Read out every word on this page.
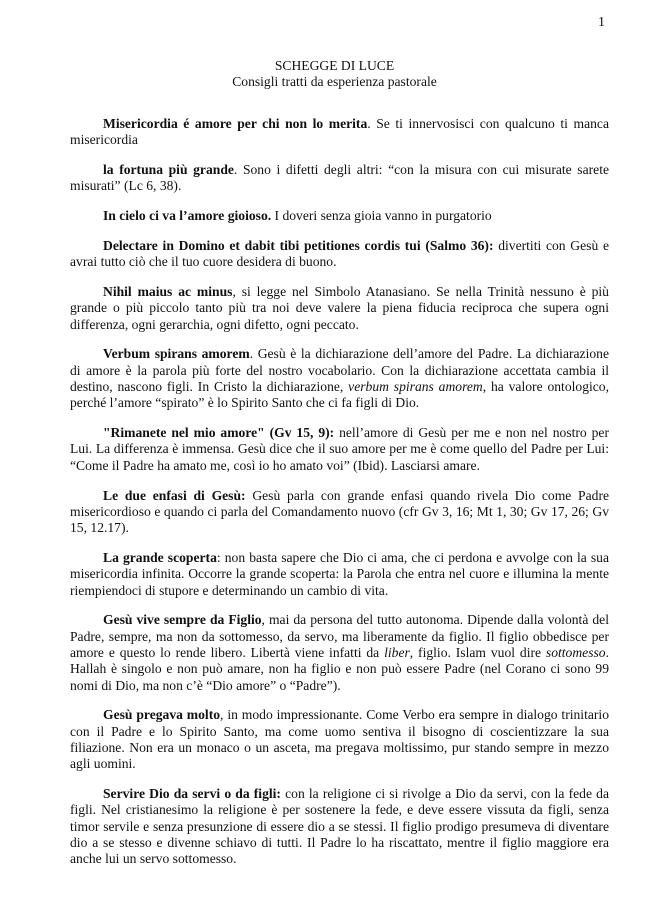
1
SCHEGGE DI LUCE
Consigli tratti da esperienza pastorale

Misericordia é amore per chi non lo merita. Se ti innervosisci con qualcuno ti manca misericordia

la fortuna più grande. Sono i difetti degli altri: “con la misura con cui misurate sarete misurati” (Lc 6, 38).

In cielo ci va l’amore gioioso. I doveri senza gioia vanno in purgatorio

Delectare in Domino et dabit tibi petitiones cordis tui (Salmo 36): divertiti con Gesù e avrai tutto ciò che il tuo cuore desidera di buono.

Nihil maius ac minus, si legge nel Simbolo Atanasiano. Se nella Trinità nessuno è più grande o più piccolo tanto più tra noi deve valere la piena fiducia reciproca che supera ogni differenza, ogni gerarchia, ogni difetto, ogni peccato.

Verbum spirans amorem. Gesù è la dichiarazione dell’amore del Padre. La dichiarazione di amore è la parola più forte del nostro vocabolario. Con la dichiarazione accettata cambia il destino, nascono figli. In Cristo la dichiarazione, verbum spirans amorem, ha valore ontologico, perché l’amore “spirato” è lo Spirito Santo che ci fa figli di Dio.

"Rimanete nel mio amore" (Gv 15, 9): nell’amore di Gesù per me e non nel nostro per Lui. La differenza è immensa. Gesù dice che il suo amore per me è come quello del Padre per Lui: “Come il Padre ha amato me, così io ho amato voi” (Ibid). Lasciarsi amare.

Le due enfasi di Gesù: Gesù parla con grande enfasi quando rivela Dio come Padre misericordioso e quando ci parla del Comandamento nuovo (cfr Gv 3, 16; Mt 1, 30; Gv 17, 26; Gv 15, 12.17).

La grande scoperta: non basta sapere che Dio ci ama, che ci perdona e avvolge con la sua misericordia infinita. Occorre la grande scoperta: la Parola che entra nel cuore e illumina la mente riempiendoci di stupore e determinando un cambio di vita.

Gesù vive sempre da Figlio, mai da persona del tutto autonoma. Dipende dalla volontà del Padre, sempre, ma non da sottomesso, da servo, ma liberamente da figlio. Il figlio obbedisce per amore e questo lo rende libero. Libertà viene infatti da liber, figlio. Islam vuol dire sottomesso. Hallah è singolo e non può amare, non ha figlio e non può essere Padre (nel Corano ci sono 99 nomi di Dio, ma non c’è “Dio amore” o “Padre”).

Gesù pregava molto, in modo impressionante. Come Verbo era sempre in dialogo trinitario con il Padre e lo Spirito Santo, ma come uomo sentiva il bisogno di coscientizzare la sua filiazione. Non era un monaco o un asceta, ma pregava moltissimo, pur stando sempre in mezzo agli uomini.

Servire Dio da servi o da figli: con la religione ci si rivolge a Dio da servi, con la fede da figli. Nel cristianesimo la religione è per sostenere la fede, e deve essere vissuta da figli, senza timor servile e senza presunzione di essere dio a se stessi. Il figlio prodigo presumeva di diventare dio a se stesso e divenne schiavo di tutti. Il Padre lo ha riscattato, mentre il figlio maggiore era anche lui un servo sottomesso.
